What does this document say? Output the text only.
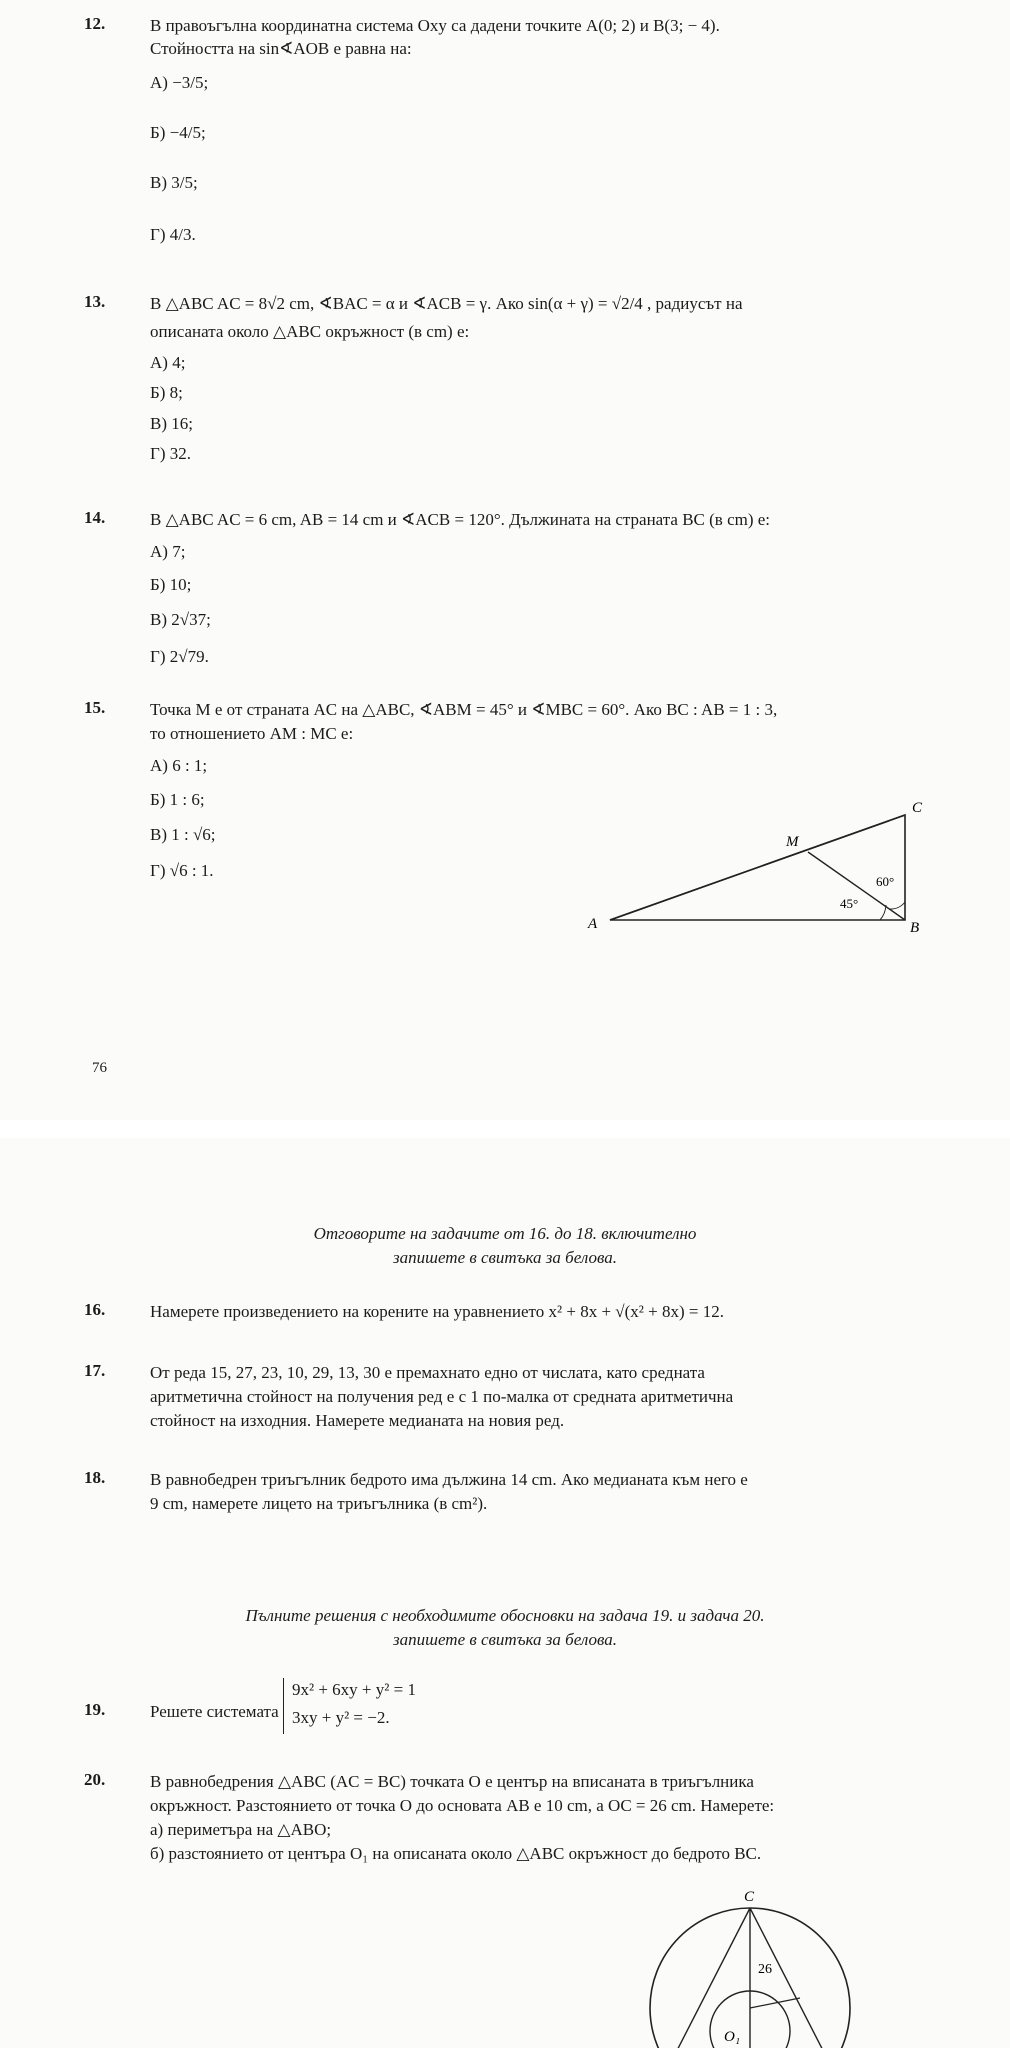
12.	В правоъгълна координатна система Oxy са дадени точките A(0; 2) и B(3; − 4).
Стойността на sin∢AOB е равна на:
А) −3/5;
Б) −4/5;
В) 3/5;
Г) 4/3.
13.	В △ABC AC = 8√2 cm, ∢BAC = α и ∢ACB = γ. Ако sin(α + γ) = √2/4 , радиусът на
описаната около △ABC окръжност (в cm) е:
А) 4;
Б) 8;
В) 16;
Г) 32.
14.	В △ABC AC = 6 cm, AB = 14 cm и ∢ACB = 120°. Дължината на страната BC (в cm) е:
А) 7;
Б) 10;
В) 2√37;
Г) 2√79.
15.	Точка M е от страната AC на △ABC, ∢ABM = 45° и ∢MBC = 60°. Ако BC : AB = 1 : 3,
то отношението AM : MC е:
А) 6 : 1;
Б) 1 : 6;
В) 1 : √6;
Г) √6 : 1.
A	B
C
M
60°
45°
76
Отговорите на задачите от 16. до 18. включително
запишете в свитъка за белова.
16.	Намерете произведението на корените на уравнението x² + 8x + √(x² + 8x) = 12.
17.	От реда 15, 27, 23, 10, 29, 13, 30 е премахнато едно от числата, като средната
аритметична стойност на получения ред е с 1 по-малка от средната аритметична
стойност на изходния. Намерете медианата на новия ред.
18.	В равнобедрен триъгълник бедрото има дължина 14 cm. Ако медианата към него е
9 cm, намерете лицето на триъгълника (в cm²).
Пълните решения с необходимите обосновки на задача 19. и задача 20.
запишете в свитъка за белова.
19.	Решете системата
9x² + 6xy + y² = 1
3xy + y² = −2.
20.	В равнобедрения △ABC (AC = BC) точката O е център на вписаната в триъгълника
окръжност. Разстоянието от точка O до основата AB е 10 cm, а OC = 26 cm. Намерете:
а) периметъра на △ABO;
б) разстоянието от центъра O₁ на описаната около △ABC окръжност до бедрото BC.
C
26
O₁
